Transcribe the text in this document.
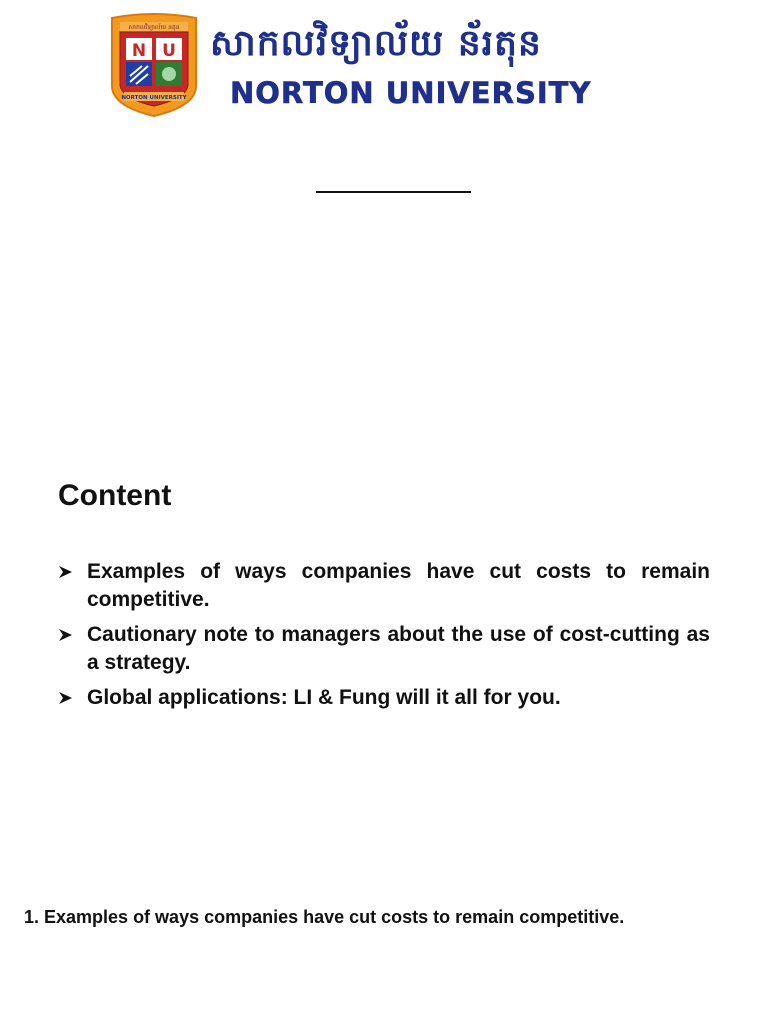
សាកលវិទ្យាល័យ នតុន
N U
NORTON UNIVERSITY
សាកលវិទ្យាល័យ ន័រតុន
NORTON UNIVERSITY
Content
Examples of ways companies have cut costs to remain competitive.
Cautionary note to managers about the use of cost-cutting as a strategy.
Global applications: LI & Fung will it all for you.
1. Examples of ways companies have cut costs to remain competitive.
